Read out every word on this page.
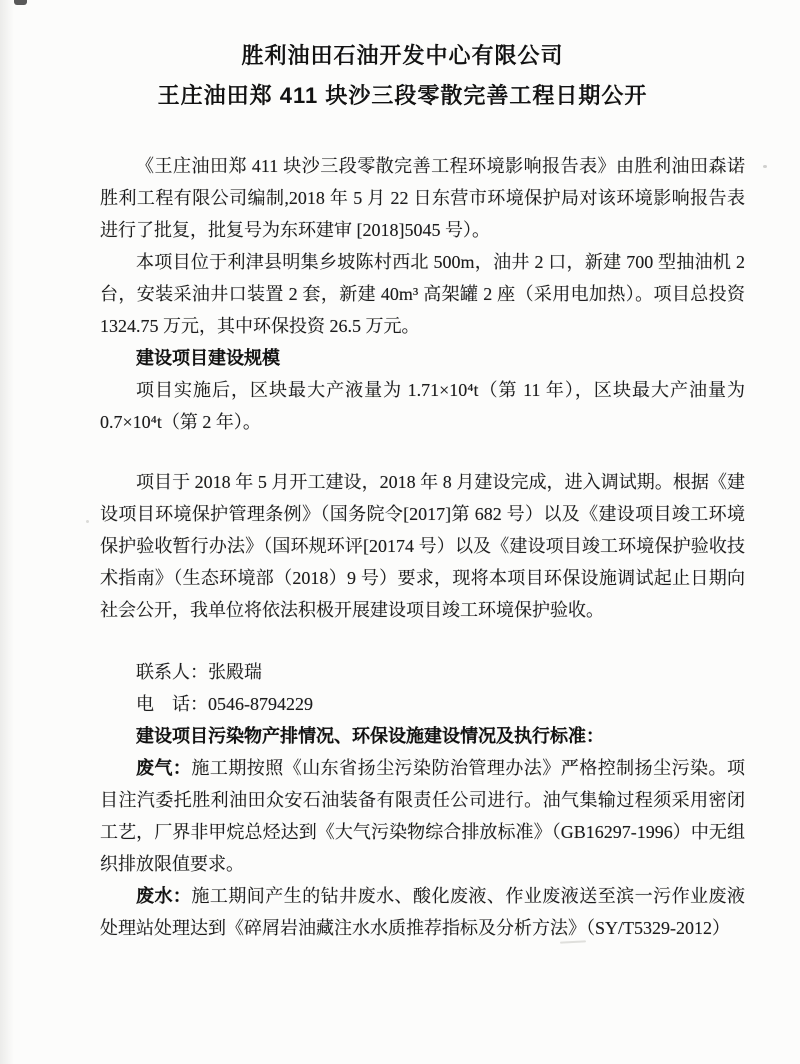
胜利油田石油开发中心有限公司
王庄油田郑 411 块沙三段零散完善工程日期公开

《王庄油田郑 411 块沙三段零散完善工程环境影响报告表》由胜利油田森诺胜利工程有限公司编制,2018 年 5 月 22 日东营市环境保护局对该环境影响报告表进行了批复，批复号为东环建审 [2018]5045 号）。

本项目位于利津县明集乡坡陈村西北 500m，油井 2 口，新建 700 型抽油机 2 台，安装采油井口装置 2 套，新建 40m³ 高架罐 2 座（采用电加热）。项目总投资 1324.75 万元，其中环保投资 26.5 万元。

建设项目建设规模

项目实施后，区块最大产液量为 1.71×10⁴t（第 11 年），区块最大产油量为 0.7×10⁴t（第 2 年）。

项目于 2018 年 5 月开工建设，2018 年 8 月建设完成，进入调试期。根据《建设项目环境保护管理条例》（国务院令[2017]第 682 号）以及《建设项目竣工环境保护验收暂行办法》（国环规环评[20174 号）以及《建设项目竣工环境保护验收技术指南》（生态环境部（2018）9 号）要求，现将本项目环保设施调试起止日期向社会公开，我单位将依法积极开展建设项目竣工环境保护验收。

联系人：张殿瑞

电　话：0546-8794229

建设项目污染物产排情况、环保设施建设情况及执行标准：

废气：施工期按照《山东省扬尘污染防治管理办法》严格控制扬尘污染。项目注汽委托胜利油田众安石油装备有限责任公司进行。油气集输过程须采用密闭工艺，厂界非甲烷总烃达到《大气污染物综合排放标准》（GB16297-1996）中无组织排放限值要求。

废水：施工期间产生的钻井废水、酸化废液、作业废液送至滨一污作业废液处理站处理达到《碎屑岩油藏注水水质推荐指标及分析方法》（SY/T5329-2012）
